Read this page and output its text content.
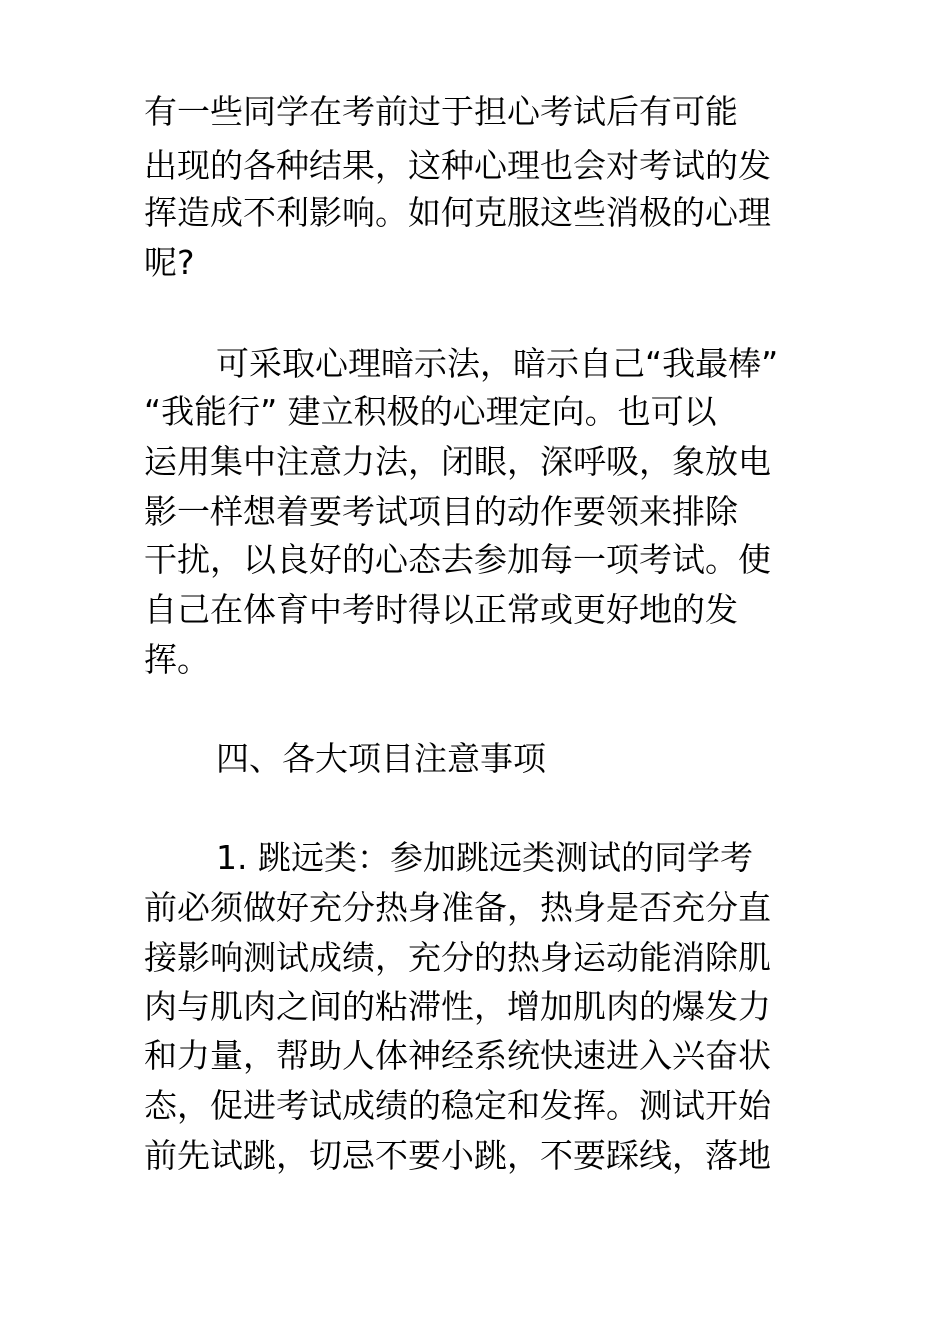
有一些同学在考前过于担心考试后有可能

出现的各种结果，这种心理也会对考试的发

挥造成不利影响。如何克服这些消极的心理

呢?

可采取心理暗示法，暗示自己“我最棒”

“我能行” 建立积极的心理定向。也可以

运用集中注意力法，闭眼，深呼吸，象放电

影一样想着要考试项目的动作要领来排除

干扰，以良好的心态去参加每一项考试。使

自己在体育中考时得以正常或更好地的发

挥。

四、各大项目注意事项

1. 跳远类：参加跳远类测试的同学考

前必须做好充分热身准备，热身是否充分直

接影响测试成绩，充分的热身运动能消除肌

肉与肌肉之间的粘滞性，增加肌肉的爆发力

和力量，帮助人体神经系统快速进入兴奋状

态，促进考试成绩的稳定和发挥。测试开始

前先试跳，切忌不要小跳，不要踩线，落地
